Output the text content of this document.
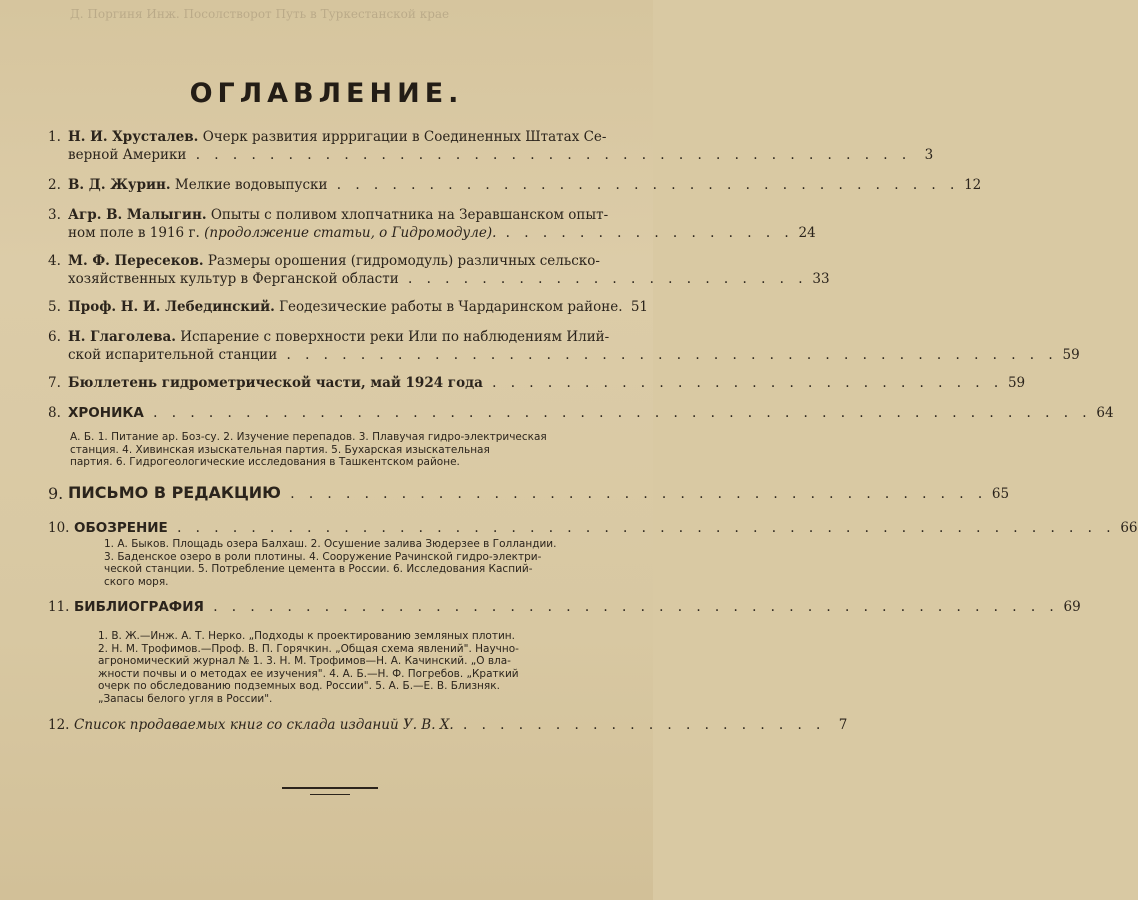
Д. Поргиня Инж. Посолстворот Путь в Туркестанской крае
ОГЛАВЛЕНИЕ.
1. Н. И. Хрусталев. Очерк развития иррригации в Соединенных Штатах Се-
верной Америки . . . . . . . . . . . . . . . . . . . . . . . . . . . . . . . . . . . . . . . 3
2. В. Д. Журин. Мелкие водовыпуски . . . . . . . . . . . . . . . . . . . . . . . . . . . . . . . . . . 12
3. Агр. В. Малыгин. Опыты с поливом хлопчатника на Зеравшанском опыт-
ном поле в 1916 г. (продолжение статьи, о Гидромодуле). . . . . . . . . . . . . . . . . 24
4. М. Ф. Пересеков. Размеры орошения (гидромодуль) различных сельско-
хозяйственных культур в Ферганской области . . . . . . . . . . . . . . . . . . . . . . 33
5. Проф. Н. И. Лебединский. Геодезические работы в Чардаринском районе. 51
6. Н. Глаголева. Испарение с поверхности реки Или по наблюдениям Илий-
ской испарительной станции . . . . . . . . . . . . . . . . . . . . . . . . . . . . . . . . . . . . . . . . . . 59
7. Бюллетень гидрометрической части, май 1924 года . . . . . . . . . . . . . . . . . . . . . . . . . . . . 59
8. ХРОНИКА . . . . . . . . . . . . . . . . . . . . . . . . . . . . . . . . . . . . . . . . . . . . . . . . . . . 64

А. Б. 1. Питание ар. Боз-су. 2. Изучение перепадов. 3. Плавучая гидро-электрическая

станция. 4. Хивинская изыскательная партия. 5. Бухарская изыскательная

партия. 6. Гидрогеологические исследования в Ташкентском районе.

9. ПИСЬМО В РЕДАКЦИЮ . . . . . . . . . . . . . . . . . . . . . . . . . . . . . . . . . . . . . . 65
10. ОБОЗРЕНИЕ . . . . . . . . . . . . . . . . . . . . . . . . . . . . . . . . . . . . . . . . . . . . . . . . . . . 66

1. А. Быков. Площадь озера Балхаш. 2. Осушение залива Зюдерзее в Голландии.

3. Баденское озеро в роли плотины. 4. Сооружение Рачинской гидро-электри-

ческой станции. 5. Потребление цемента в России. 6. Исследования Каспий-

ского моря.

11. БИБЛИОГРАФИЯ . . . . . . . . . . . . . . . . . . . . . . . . . . . . . . . . . . . . . . . . . . . . . . 69

1. В. Ж.—Инж. А. Т. Нерко. „Подходы к проектированию земляных плотин.

2. Н. М. Трофимов.—Проф. В. П. Горячкин. „Общая схема явлений". Научно-

агрономический журнал № 1. 3. Н. М. Трофимов—Н. А. Качинский. „О вла-

жности почвы и о методах ее изучения". 4. А. Б.—Н. Ф. Погребов. „Краткий

очерк по обследованию подземных вод. России". 5. А. Б.—Е. В. Близняк.

„Запасы белого угля в России".

12. Список продаваемых книг со склада изданий У. В. Х. . . . . . . . . . . . . . . . . . . . . 7
